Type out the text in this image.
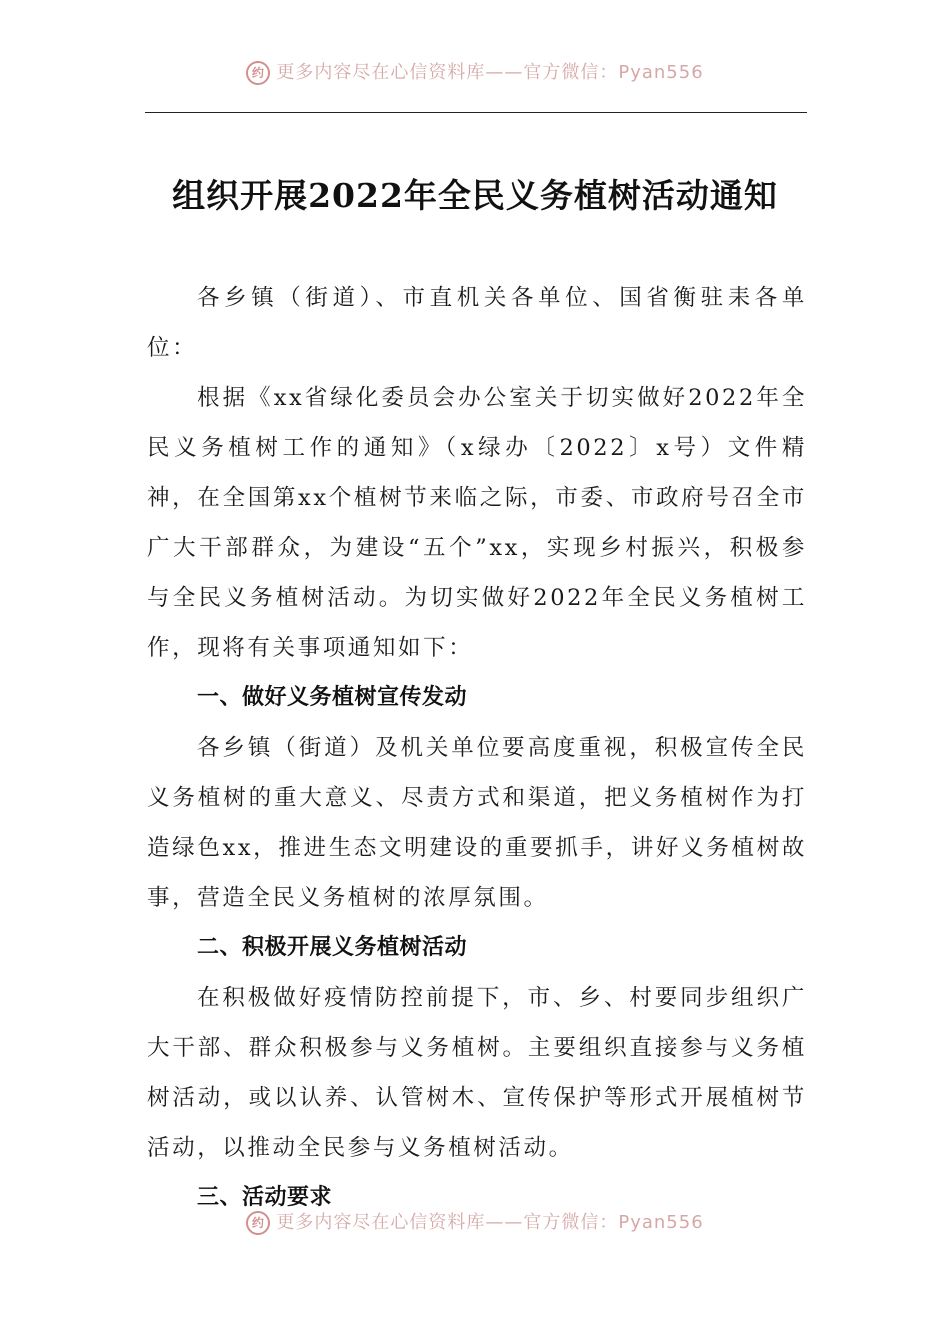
约 更多内容尽在心信资料库——官方微信：Pyan556
组织开展2022年全民义务植树活动通知

各乡镇（街道）、市直机关各单位、国省衡驻耒各单位：

根据《xx省绿化委员会办公室关于切实做好2022年全民义务植树工作的通知》（x绿办〔2022〕x号）文件精神，在全国第xx个植树节来临之际，市委、市政府号召全市广大干部群众，为建设“五个”xx，实现乡村振兴，积极参与全民义务植树活动。为切实做好2022年全民义务植树工作，现将有关事项通知如下：

一、做好义务植树宣传发动

各乡镇（街道）及机关单位要高度重视，积极宣传全民义务植树的重大意义、尽责方式和渠道，把义务植树作为打造绿色xx，推进生态文明建设的重要抓手，讲好义务植树故事，营造全民义务植树的浓厚氛围。

二、积极开展义务植树活动

在积极做好疫情防控前提下，市、乡、村要同步组织广大干部、群众积极参与义务植树。主要组织直接参与义务植树活动，或以认养、认管树木、宣传保护等形式开展植树节活动，以推动全民参与义务植树活动。

三、活动要求

约 更多内容尽在心信资料库——官方微信：Pyan556
